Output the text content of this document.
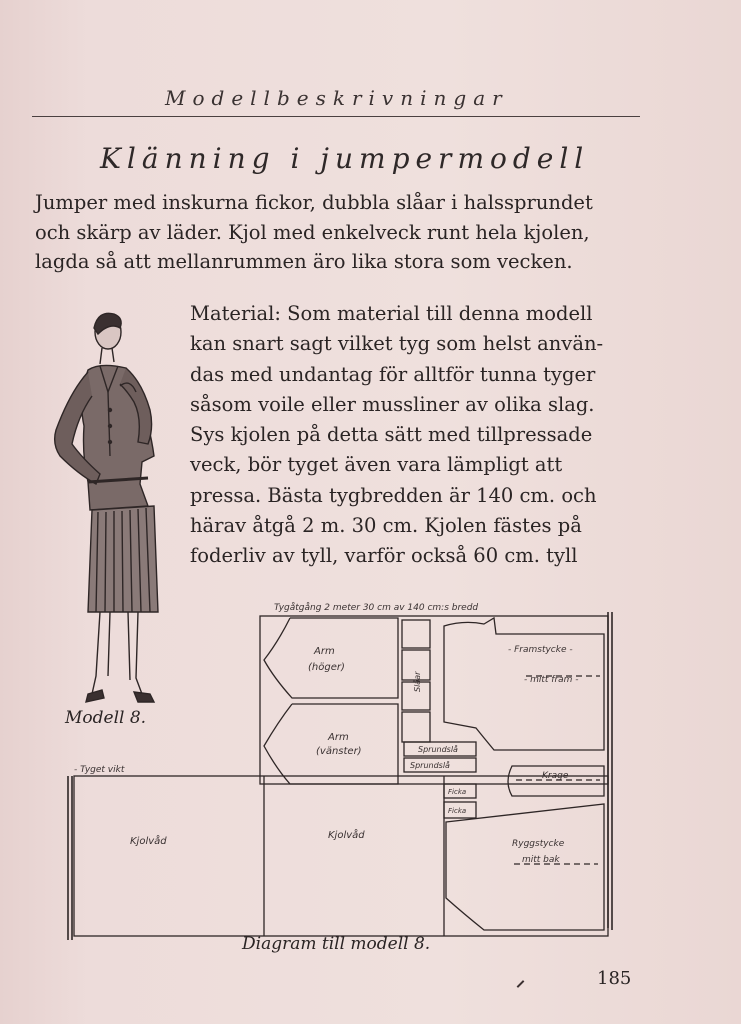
Modellbeskrivningar
Klänning i jumpermodell
Jumper med inskurna fickor, dubbla slåar i halssprundet
och skärp av läder. Kjol med enkelveck runt hela kjolen,
lagda så att mellanrummen äro lika stora som vecken.
Material: Som material till denna modell
kan snart sagt vilket tyg som helst använ-
das med undantag för alltför tunna tyger
såsom voile eller mussliner av olika slag.
Sys kjolen på detta sätt med tillpressade
veck, bör tyget även vara lämpligt att
pressa. Bästa tygbredden är 140 cm. och
härav åtgå 2 m. 30 cm. Kjolen fästes på
foderliv av tyll, varför också 60 cm. tyll
Modell 8.
Tygåtgång 2 meter 30 cm av 140 cm:s bredd
- Tyget vikt
Arm
(höger)
Arm
(vänster)
Slåar
- Framstycke -
- mitt fram -
Sprundslå
Sprundslå
Krage
Ficka
Ficka
Kjolvåd
Kjolvåd
Ryggstycke
mitt bak
Diagram till modell 8.
185
